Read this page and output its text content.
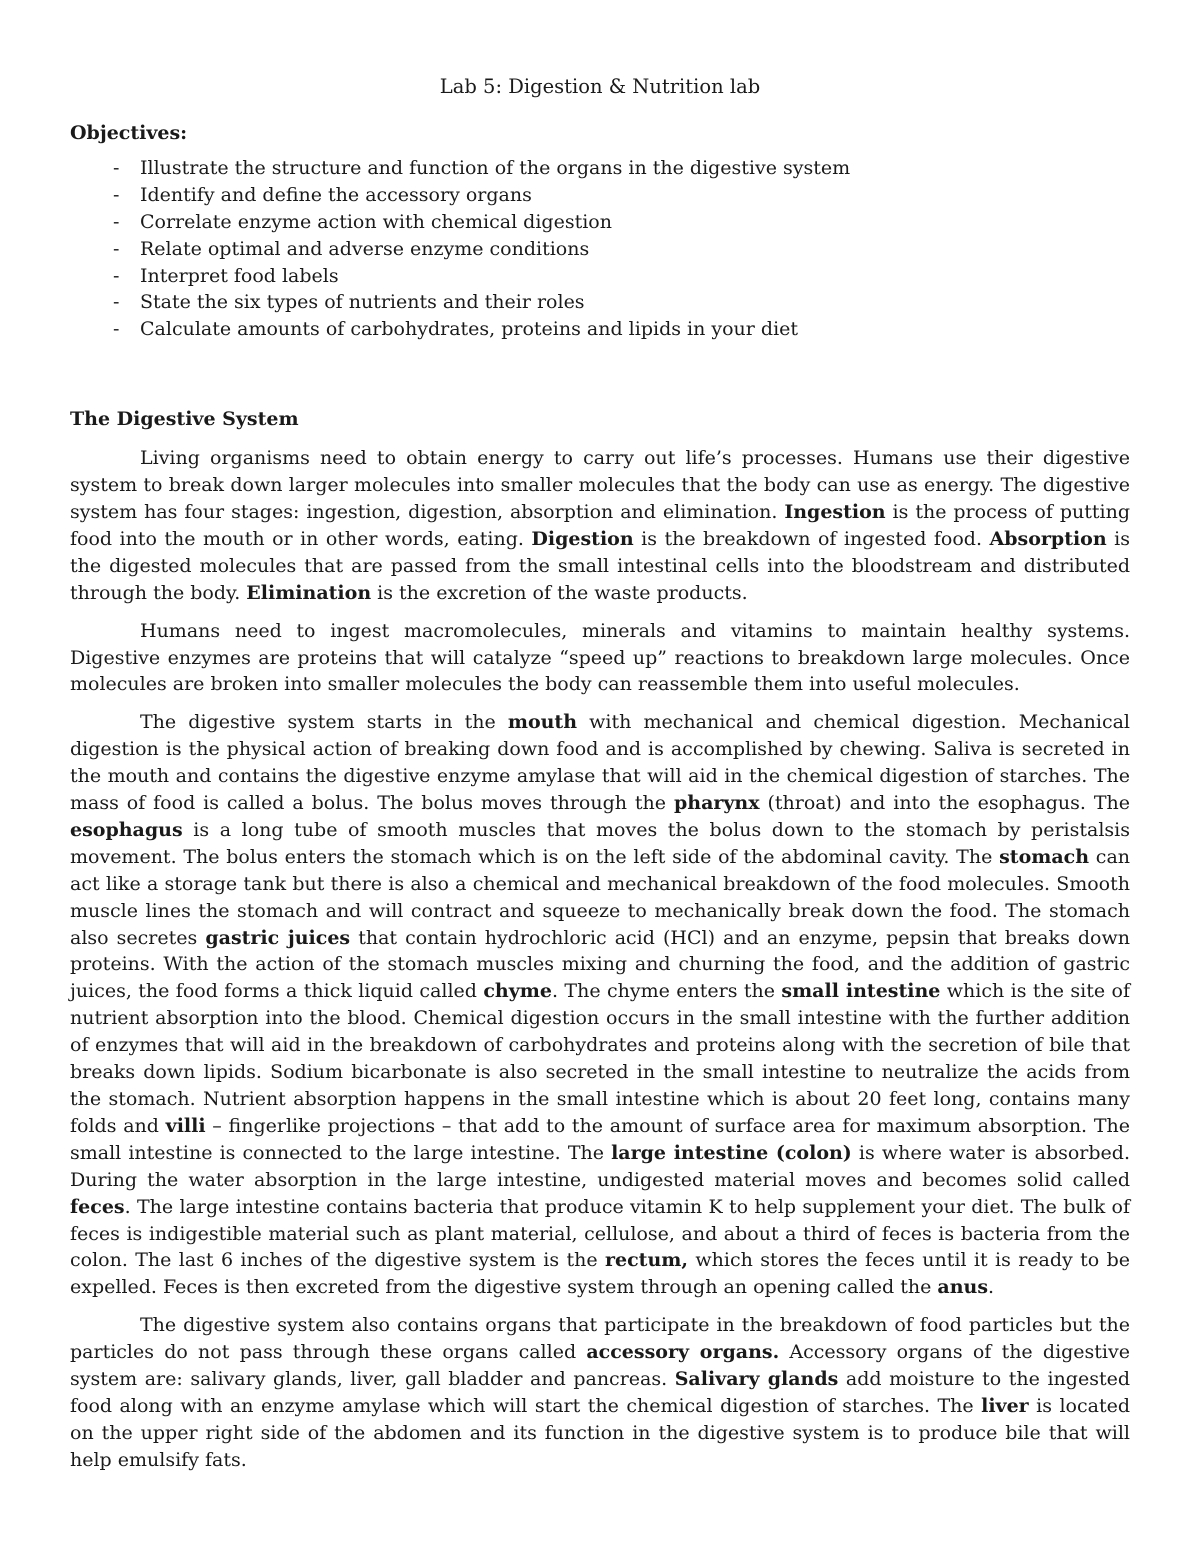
Lab 5: Digestion & Nutrition lab
Objectives:
- Illustrate the structure and function of the organs in the digestive system
- Identify and define the accessory organs
- Correlate enzyme action with chemical digestion
- Relate optimal and adverse enzyme conditions
- Interpret food labels
- State the six types of nutrients and their roles
- Calculate amounts of carbohydrates, proteins and lipids in your diet
The Digestive System

Living organisms need to obtain energy to carry out life’s processes. Humans use their digestive system to break down larger molecules into smaller molecules that the body can use as energy. The digestive system has four stages: ingestion, digestion, absorption and elimination. Ingestion is the process of putting food into the mouth or in other words, eating. Digestion is the breakdown of ingested food. Absorption is the digested molecules that are passed from the small intestinal cells into the bloodstream and distributed through the body. Elimination is the excretion of the waste products.

Humans need to ingest macromolecules, minerals and vitamins to maintain healthy systems. Digestive enzymes are proteins that will catalyze “speed up” reactions to breakdown large molecules. Once molecules are broken into smaller molecules the body can reassemble them into useful molecules.

The digestive system starts in the mouth with mechanical and chemical digestion. Mechanical digestion is the physical action of breaking down food and is accomplished by chewing. Saliva is secreted in the mouth and contains the digestive enzyme amylase that will aid in the chemical digestion of starches. The mass of food is called a bolus. The bolus moves through the pharynx (throat) and into the esophagus. The esophagus is a long tube of smooth muscles that moves the bolus down to the stomach by peristalsis movement. The bolus enters the stomach which is on the left side of the abdominal cavity. The stomach can act like a storage tank but there is also a chemical and mechanical breakdown of the food molecules. Smooth muscle lines the stomach and will contract and squeeze to mechanically break down the food. The stomach also secretes gastric juices that contain hydrochloric acid (HCl) and an enzyme, pepsin that breaks down proteins. With the action of the stomach muscles mixing and churning the food, and the addition of gastric juices, the food forms a thick liquid called chyme. The chyme enters the small intestine which is the site of nutrient absorption into the blood. Chemical digestion occurs in the small intestine with the further addition of enzymes that will aid in the breakdown of carbohydrates and proteins along with the secretion of bile that breaks down lipids. Sodium bicarbonate is also secreted in the small intestine to neutralize the acids from the stomach. Nutrient absorption happens in the small intestine which is about 20 feet long, contains many folds and villi – fingerlike projections – that add to the amount of surface area for maximum absorption. The small intestine is connected to the large intestine. The large intestine (colon) is where water is absorbed. During the water absorption in the large intestine, undigested material moves and becomes solid called feces. The large intestine contains bacteria that produce vitamin K to help supplement your diet. The bulk of feces is indigestible material such as plant material, cellulose, and about a third of feces is bacteria from the colon. The last 6 inches of the digestive system is the rectum, which stores the feces until it is ready to be expelled. Feces is then excreted from the digestive system through an opening called the anus.

The digestive system also contains organs that participate in the breakdown of food particles but the particles do not pass through these organs called accessory organs. Accessory organs of the digestive system are: salivary glands, liver, gall bladder and pancreas. Salivary glands add moisture to the ingested food along with an enzyme amylase which will start the chemical digestion of starches. The liver is located on the upper right side of the abdomen and its function in the digestive system is to produce bile that will help emulsify fats.
